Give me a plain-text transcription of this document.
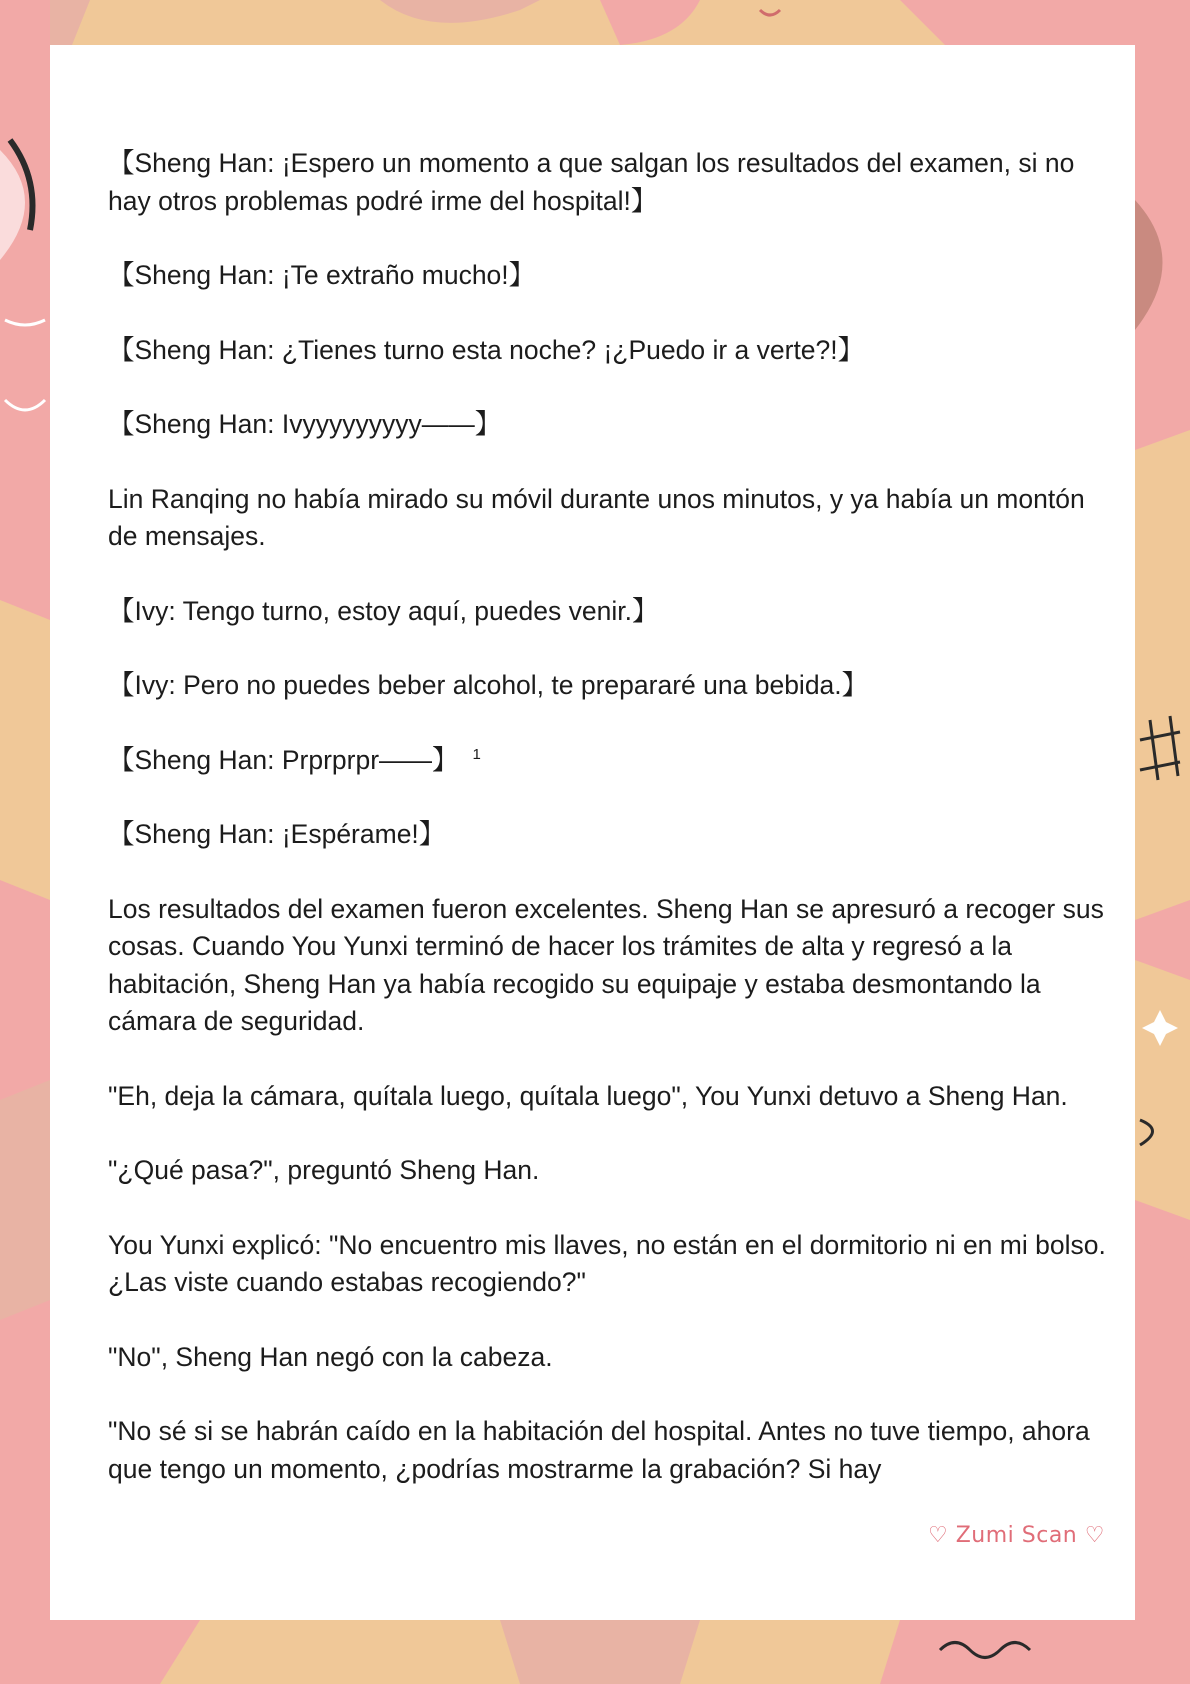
【Sheng Han: ¡Espero un momento a que salgan los resultados del examen, si no hay otros problemas podré irme del hospital!】
【Sheng Han: ¡Te extraño mucho!】
【Sheng Han: ¿Tienes turno esta noche? ¡¿Puedo ir a verte?!】
【Sheng Han: Ivyyyyyyyyy——】
Lin Ranqing no había mirado su móvil durante unos minutos, y ya había un montón de mensajes.
【Ivy: Tengo turno, estoy aquí, puedes venir.】
【Ivy: Pero no puedes beber alcohol, te prepararé una bebida.】
【Sheng Han: Prprprpr——】 $^1$
【Sheng Han: ¡Espérame!】
Los resultados del examen fueron excelentes. Sheng Han se apresuró a recoger sus cosas. Cuando You Yunxi terminó de hacer los trámites de alta y regresó a la habitación, Sheng Han ya había recogido su equipaje y estaba desmontando la cámara de seguridad.
"Eh, deja la cámara, quítala luego, quítala luego", You Yunxi detuvo a Sheng Han.
"¿Qué pasa?", preguntó Sheng Han.
You Yunxi explicó: "No encuentro mis llaves, no están en el dormitorio ni en mi bolso. ¿Las viste cuando estabas recogiendo?"
"No", Sheng Han negó con la cabeza.
"No sé si se habrán caído en la habitación del hospital. Antes no tuve tiempo, ahora que tengo un momento, ¿podrías mostrarme la grabación? Si hay
♡ Zumi Scan ♡
